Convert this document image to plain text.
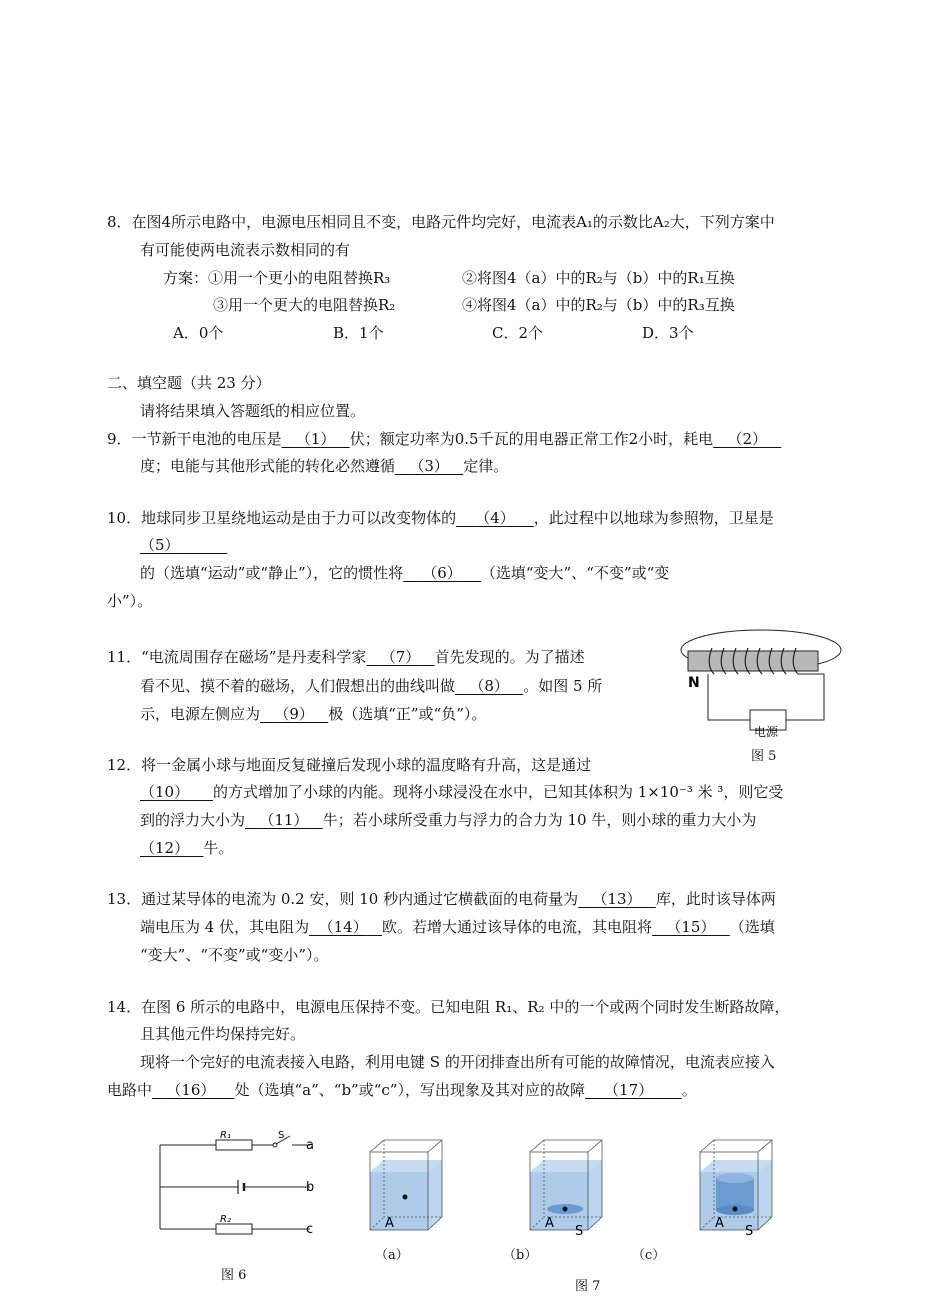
8．在图4所示电路中，电源电压相同且不变，电路元件均完好，电流表A₁的示数比A₂大，下列方案中
有可能使两电流表示数相同的有
方案：①用一个更小的电阻替换R₃	②将图4（a）中的R₂与（b）中的R₁互换
③用一个更大的电阻替换R₂	④将图4（a）中的R₂与（b）中的R₃互换
A．0个	B．1个	C．2个	D．3个
二、填空题（共 23 分）
请将结果填入答题纸的相应位置。
9．一节新干电池的电压是 （1） 伏；额定功率为0.5千瓦的用电器正常工作2小时，耗电 （2）
度；电能与其他形式能的转化必然遵循 （3） 定律。
10．地球同步卫星绕地运动是由于力可以改变物体的 （4） ，此过程中以地球为参照物，卫星是
（5）
的（选填“运动”或“静止”），它的惯性将 （6） （选填“变大”、“不变”或“变
小”）。
11．“电流周围存在磁场”是丹麦科学家 （7） 首先发现的。为了描述
看不见、摸不着的磁场，人们假想出的曲线叫做 （8） 。如图 5 所
示，电源左侧应为 （9） 极（选填“正”或“负”）。
N
电源
图 5
12．将一金属小球与地面反复碰撞后发现小球的温度略有升高，这是通过
（10） 的方式增加了小球的内能。现将小球浸没在水中，已知其体积为 1×10⁻³ 米 ³，则它受
到的浮力大小为 （11） 牛；若小球所受重力与浮力的合力为 10 牛，则小球的重力大小为
（12） 牛。
13．通过某导体的电流为 0.2 安，则 10 秒内通过它横截面的电荷量为 （13） 库，此时该导体两
端电压为 4 伏，其电阻为 （14） 欧。若增大通过该导体的电流，其电阻将 （15） （选填
“变大”、“不变”或“变小”）。
14．在图 6 所示的电路中，电源电压保持不变。已知电阻 R₁、R₂ 中的一个或两个同时发生断路故障，
且其他元件均保持完好。
现将一个完好的电流表接入电路，利用电键 S 的开闭排查出所有可能的故障情况，电流表应接入
电路中 （16） 处（选填“a”、“b”或“c”），写出现象及其对应的故障 （17） 。
R₁	S
a
b
R₂
c
图 6
A
（a）
A
S
（b）
A
S
（c）
图 7
